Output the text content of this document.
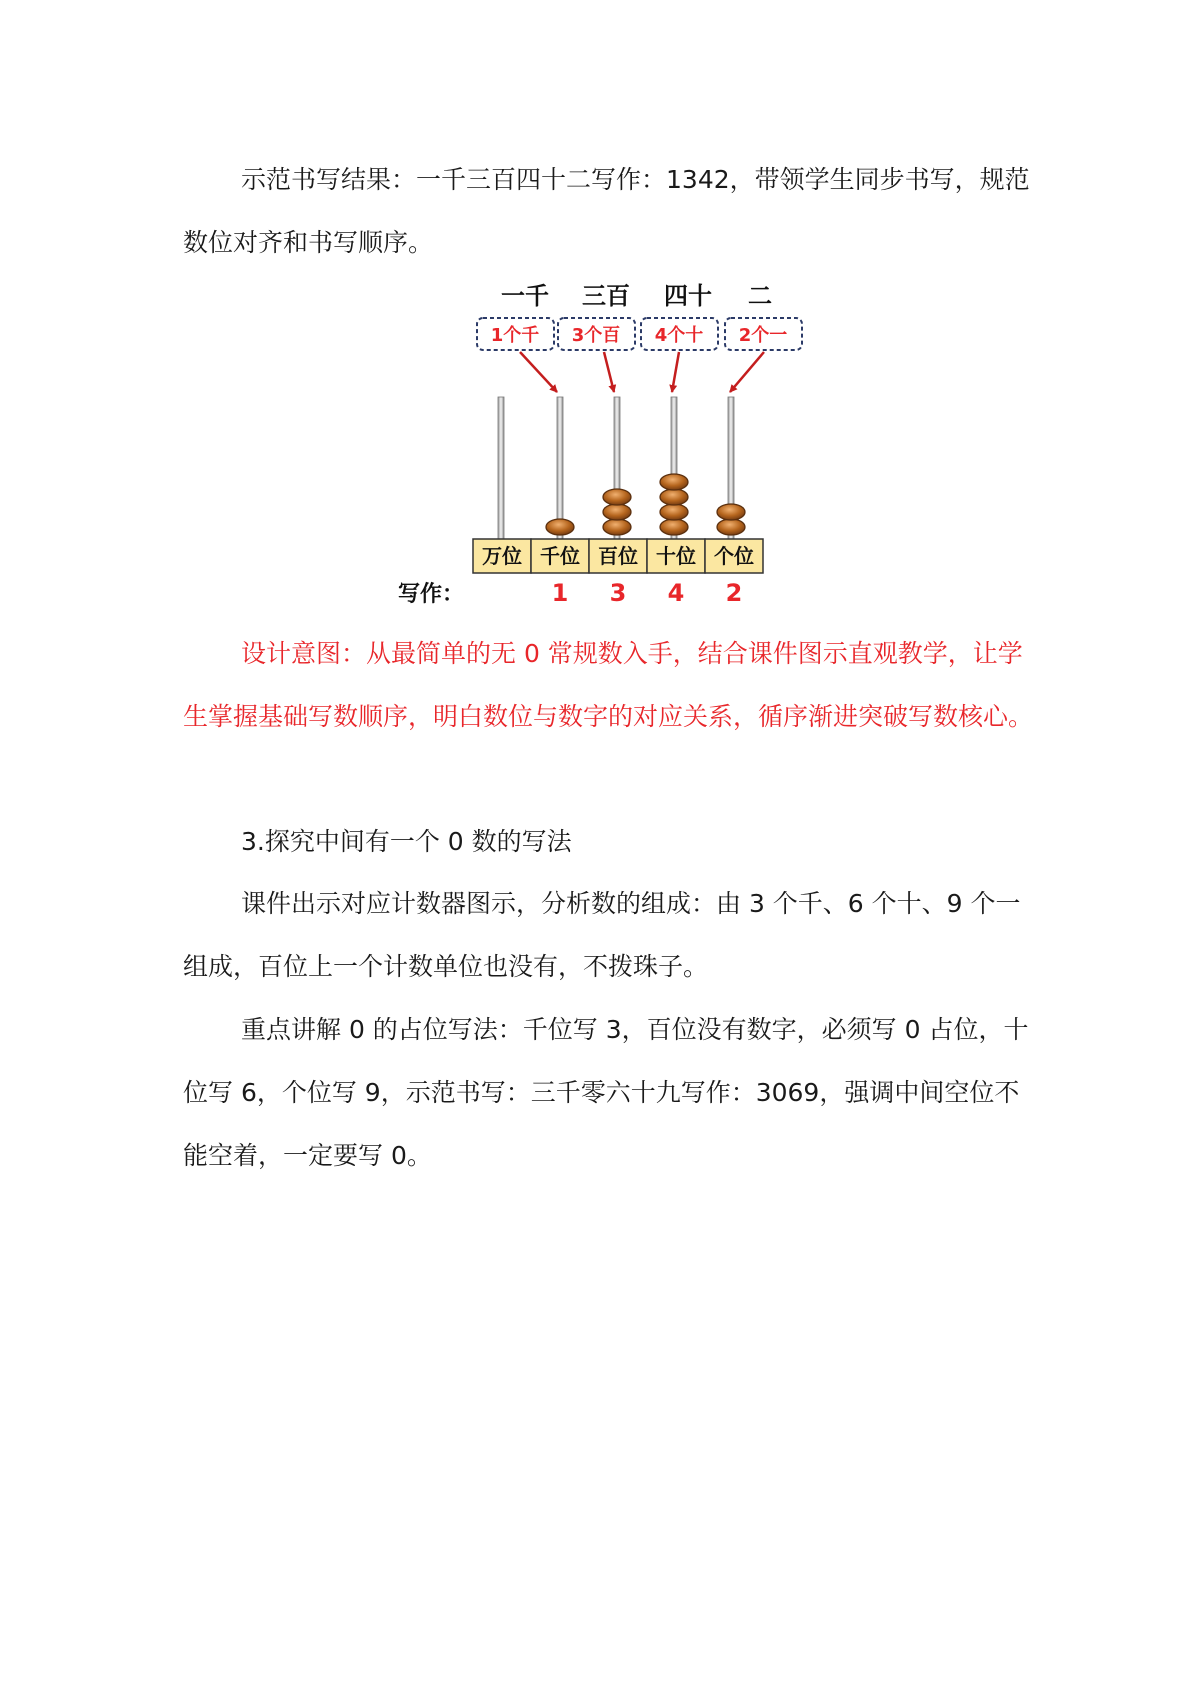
示范书写结果：一千三百四十二写作：1342，带领学生同步书写，规范数位对齐和书写顺序。

一千 三百 四十 二
1个千 3个百 4个十 2个一
万位 千位 百位 十位 个位
写作：	1 3 4 2

设计意图：从最简单的无 0 常规数入手，结合课件图示直观教学，让学生掌握基础写数顺序，明白数位与数字的对应关系，循序渐进突破写数核心。

3.探究中间有一个 0 数的写法

课件出示对应计数器图示，分析数的组成：由 3 个千、6 个十、9 个一组成，百位上一个计数单位也没有，不拨珠子。

重点讲解 0 的占位写法：千位写 3，百位没有数字，必须写 0 占位，十位写 6，个位写 9，示范书写：三千零六十九写作：3069，强调中间空位不能空着，一定要写 0。
